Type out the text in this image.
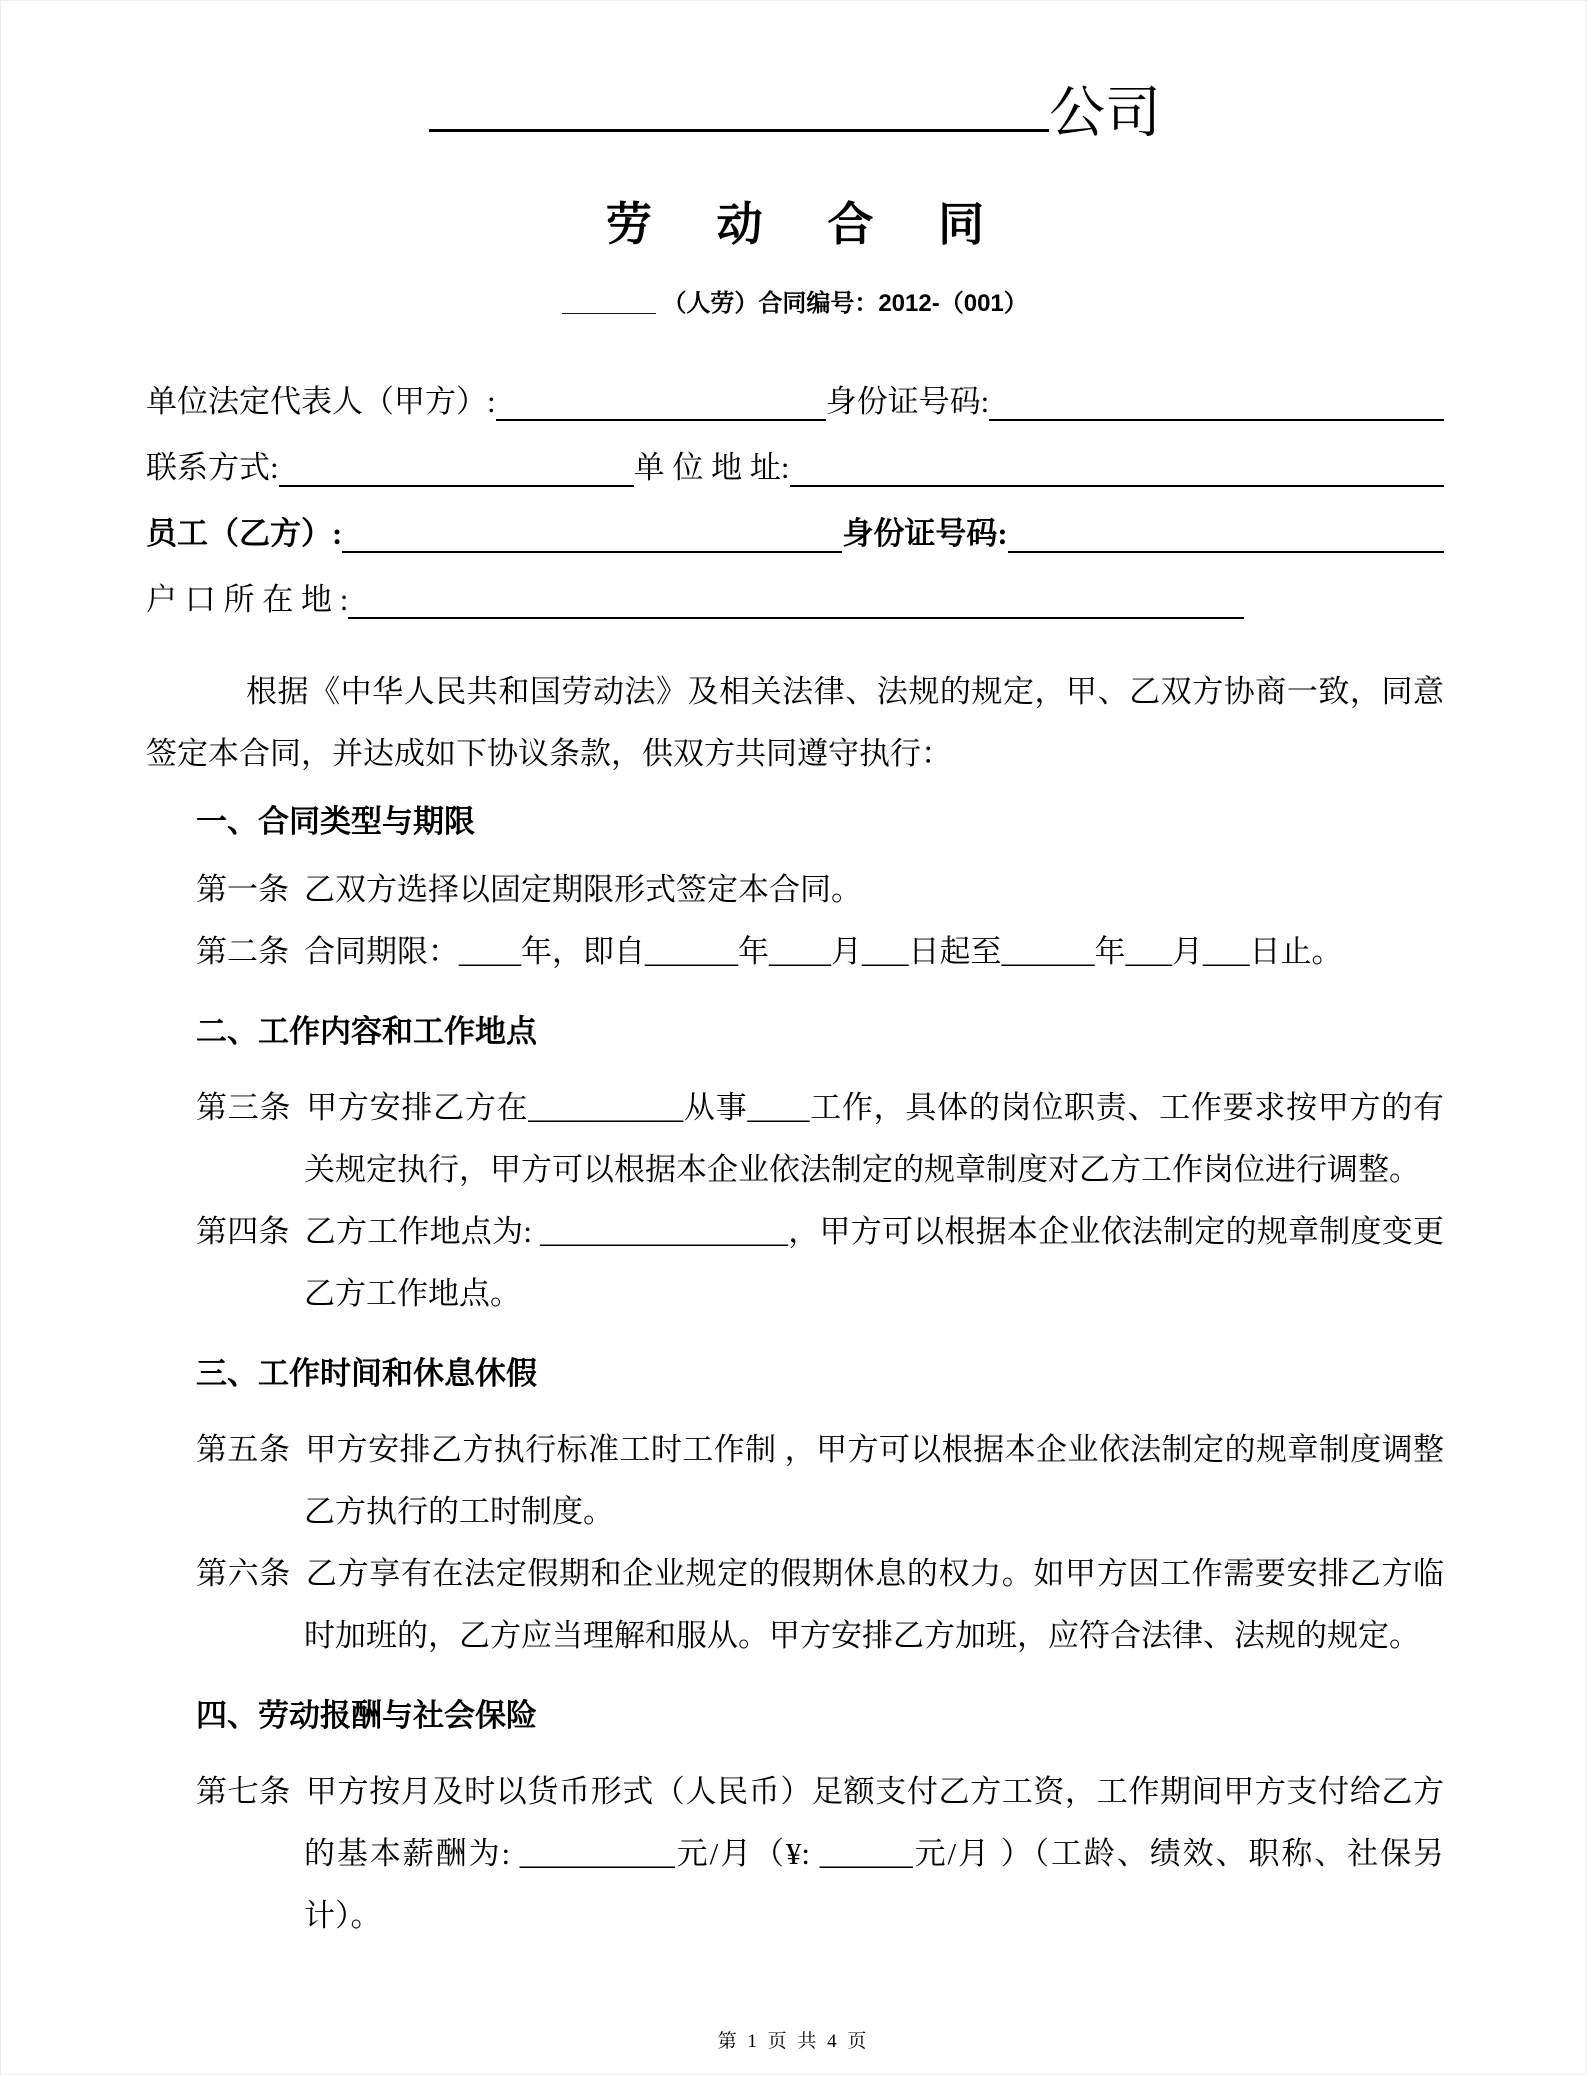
公司
劳 动 合 同
_______ （人劳）合同编号：2012-（001）
单位法定代表人（甲方）:	身份证号码:
联系方式:	单 位 地 址:
员工（乙方）:	身份证号码:
户 口 所 在 地 :

根据《中华人民共和国劳动法》及相关法律、法规的规定，甲、乙双方协商一致，同意签定本合同，并达成如下协议条款，供双方共同遵守执行：

一、合同类型与期限
第一条 乙双方选择以固定期限形式签定本合同。
第二条 合同期限：____年，即自______年____月___日起至______年___月___日止。
二、工作内容和工作地点
第三条 甲方安排乙方在__________从事____工作，具体的岗位职责、工作要求按甲方的有关规定执行，甲方可以根据本企业依法制定的规章制度对乙方工作岗位进行调整。
第四条 乙方工作地点为: ________________，甲方可以根据本企业依法制定的规章制度变更乙方工作地点。
三、工作时间和休息休假
第五条 甲方安排乙方执行标准工时工作制 ，甲方可以根据本企业依法制定的规章制度调整乙方执行的工时制度。
第六条 乙方享有在法定假期和企业规定的假期休息的权力。如甲方因工作需要安排乙方临时加班的，乙方应当理解和服从。甲方安排乙方加班，应符合法律、法规的规定。
四、劳动报酬与社会保险
第七条 甲方按月及时以货币形式（人民币）足额支付乙方工资，工作期间甲方支付给乙方的基本薪酬为: __________元/月（¥: ______元/月 ）（工龄、绩效、职称、社保另计）。
第 1 页 共 4 页
